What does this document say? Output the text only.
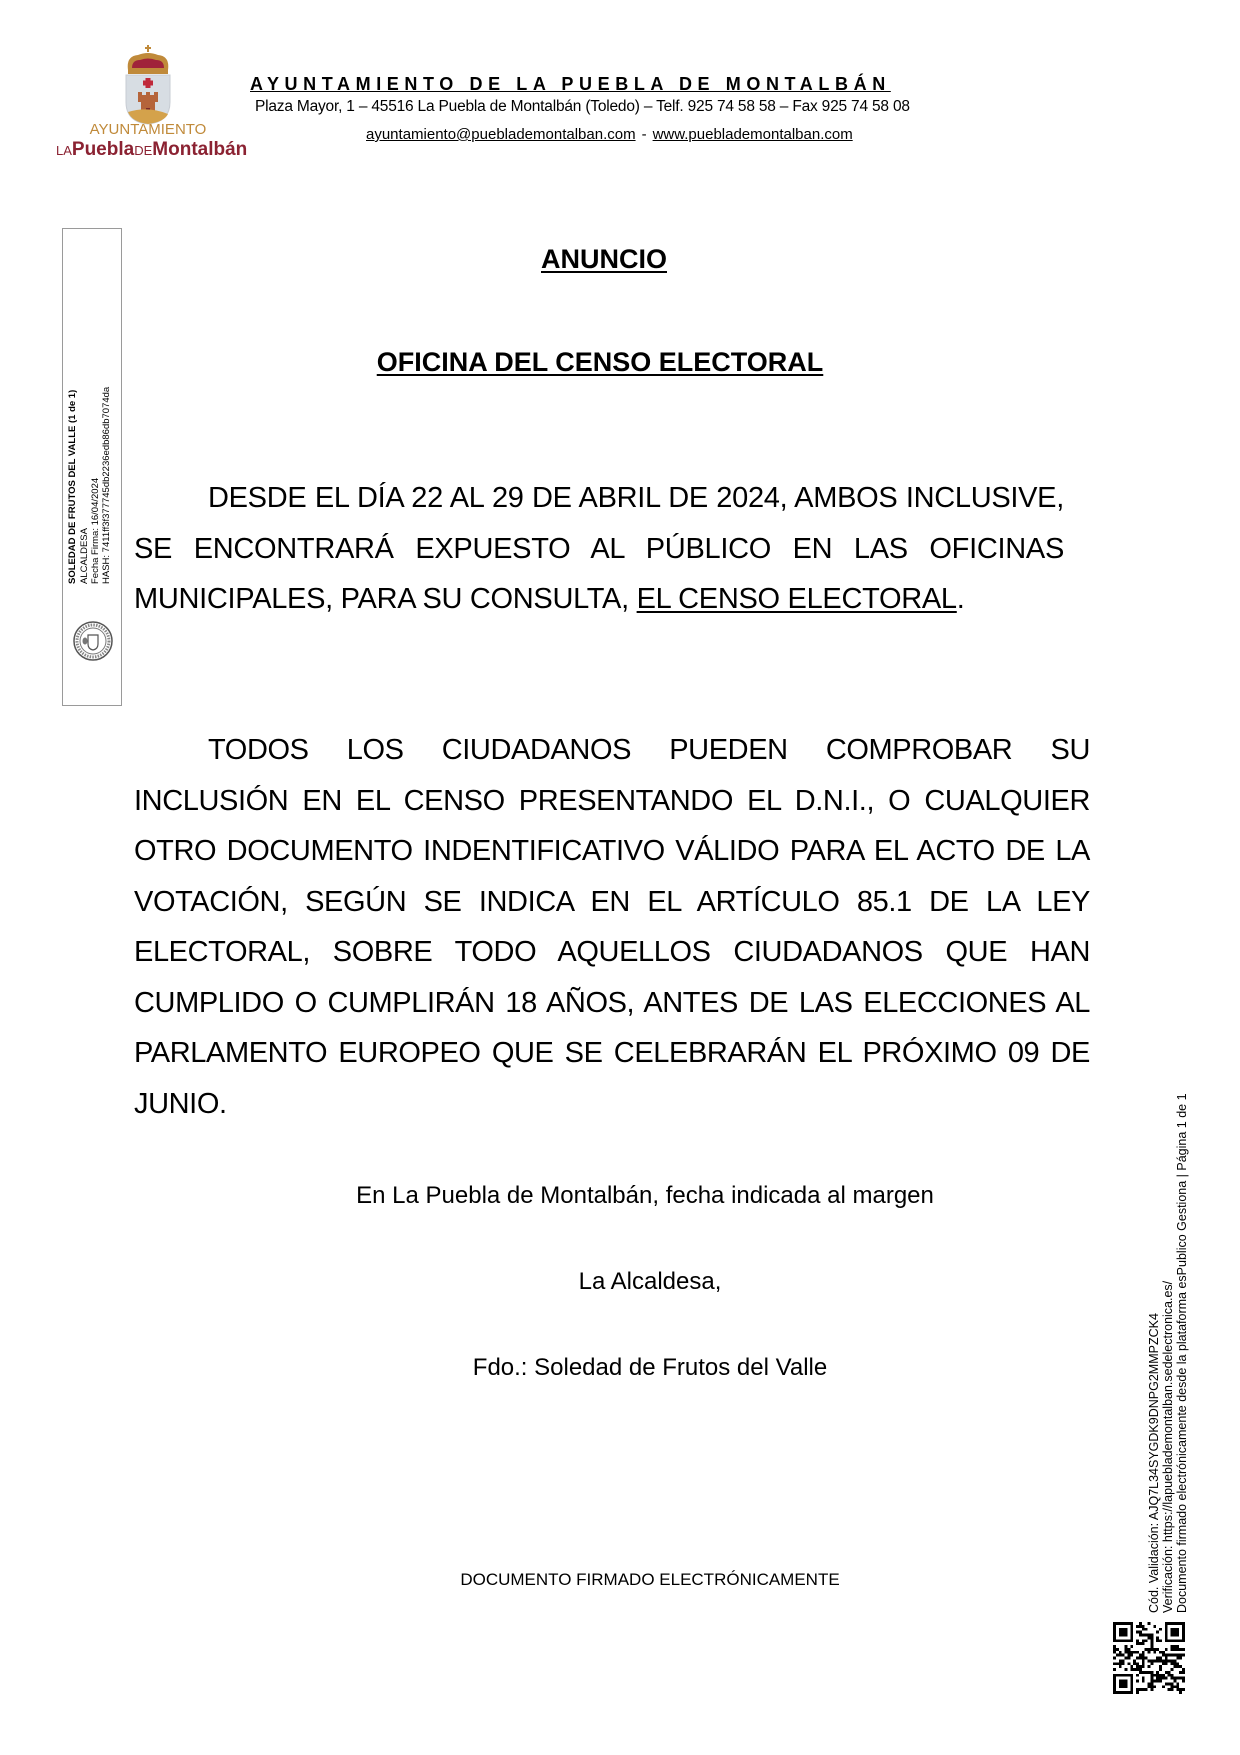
AYUNTAMIENTO
LAPueblaDEMontalbán
AYUNTAMIENTO DE LA PUEBLA DE MONTALBÁN
Plaza Mayor, 1 – 45516 La Puebla de Montalbán (Toledo) – Telf. 925 74 58 58 – Fax 925 74 58 08
ayuntamiento@pueblademontalban.com - www.pueblademontalban.com
SOLEDAD DE FRUTOS DEL VALLE (1 de 1) ALCALDESA Fecha Firma: 16/04/2024 HASH: 7411ff3f377745db2236edb86db7074da
ANUNCIO
OFICINA DEL CENSO ELECTORAL

DESDE EL DÍA 22 AL 29 DE ABRIL DE 2024, AMBOS INCLUSIVE, SE ENCONTRARÁ EXPUESTO AL PÚBLICO EN LAS OFICINAS MUNICIPALES, PARA SU CONSULTA, EL CENSO ELECTORAL.

TODOS LOS CIUDADANOS PUEDEN COMPROBAR SU INCLUSIÓN EN EL CENSO PRESENTANDO EL D.N.I., O CUALQUIER OTRO DOCUMENTO INDENTIFICATIVO VÁLIDO PARA EL ACTO DE LA VOTACIÓN, SEGÚN SE INDICA EN EL ARTÍCULO 85.1 DE LA LEY ELECTORAL, SOBRE TODO AQUELLOS CIUDADANOS QUE HAN CUMPLIDO O CUMPLIRÁN 18 AÑOS, ANTES DE LAS ELECCIONES AL PARLAMENTO EUROPEO QUE SE CELEBRARÁN EL PRÓXIMO 09 DE JUNIO.

En La Puebla de Montalbán, fecha indicada al margen
La Alcaldesa,
Fdo.: Soledad de Frutos del Valle
DOCUMENTO FIRMADO ELECTRÓNICAMENTE	Cód. Validación: AJQ7L34SYGDK9DNPG2MMPZCK4 Verificación: https://lapueblademontalban.sedelectronica.es/ Documento firmado electrónicamente desde la plataforma esPublico Gestiona | Página 1 de 1
